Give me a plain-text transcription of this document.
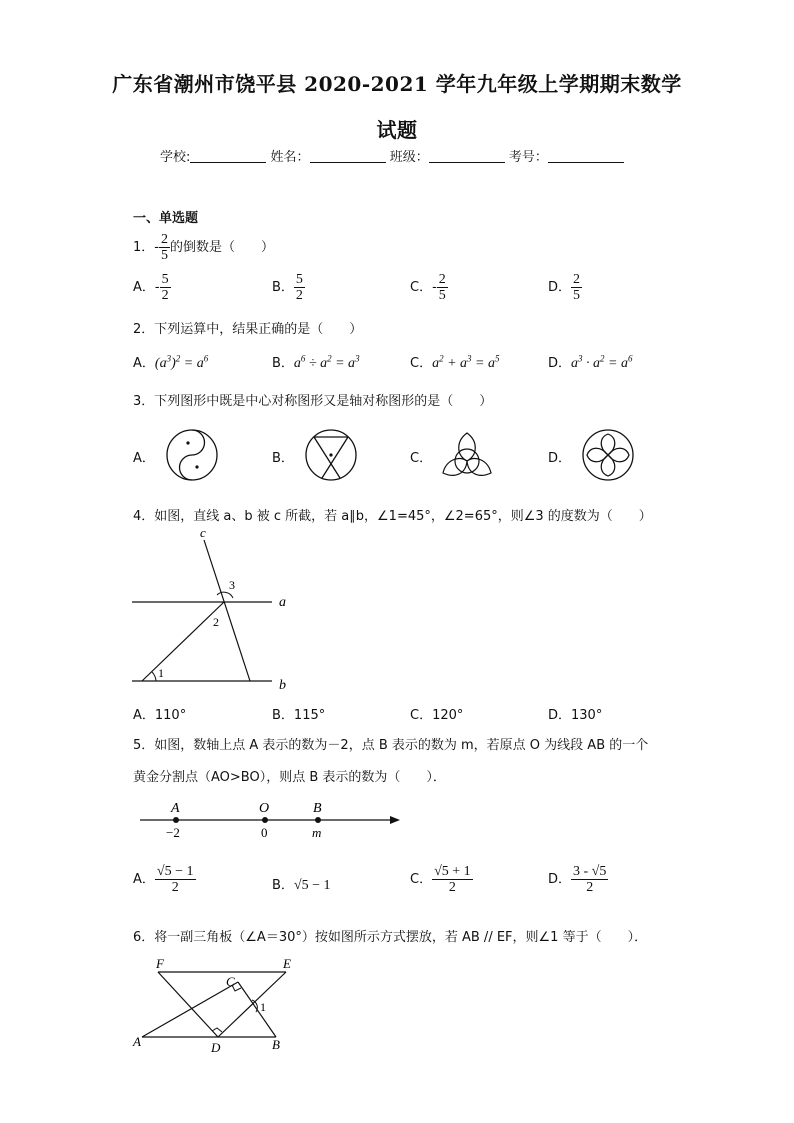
广东省潮州市饶平县 2020-2021 学年九年级上学期期末数学
试题
学校:	姓名：	班级：	考号：
一、单选题
1．- $\frac{2}{5}$ 的倒数是（　　）
A．- $\frac{5}{2}$	B． $\frac{5}{2}$	C．- $\frac{2}{5}$	D． $\frac{2}{5}$
2．下列运算中，结果正确的是（　　）
A．$(a^3)^2 = a^6$	B．$a^6 \div a^2 = a^3$	C．$a^2 + a^3 = a^5$	D．$a^3 \cdot a^2 = a^6$
3．下列图形中既是中心对称图形又是轴对称图形的是（　　）
A．	B．	C．	D．
4．如图，直线 a、b 被 c 所截，若 a∥b，∠1=45°，∠2=65°，则∠3 的度数为（　　）
c
a
b
1
2
3
A．110°	B．115°	C．120°	D．130°
5．如图，数轴上点 A 表示的数为－2，点 B 表示的数为 m，若原点 O 为线段 AB 的一个
黄金分割点（AO>BO），则点 B 表示的数为（　　）．
A	O	B
−2	0	m
A． $\frac{√5 - 1}{2}$	B．√5 − 1	C． $\frac{√5 + 1}{2}$	D． $\frac{3 - √5}{2}$
6．将一副三角板（∠A＝30°）按如图所示方式摆放，若 AB // EF，则∠1 等于（　　）．
F	E
C
A	D	B
1
